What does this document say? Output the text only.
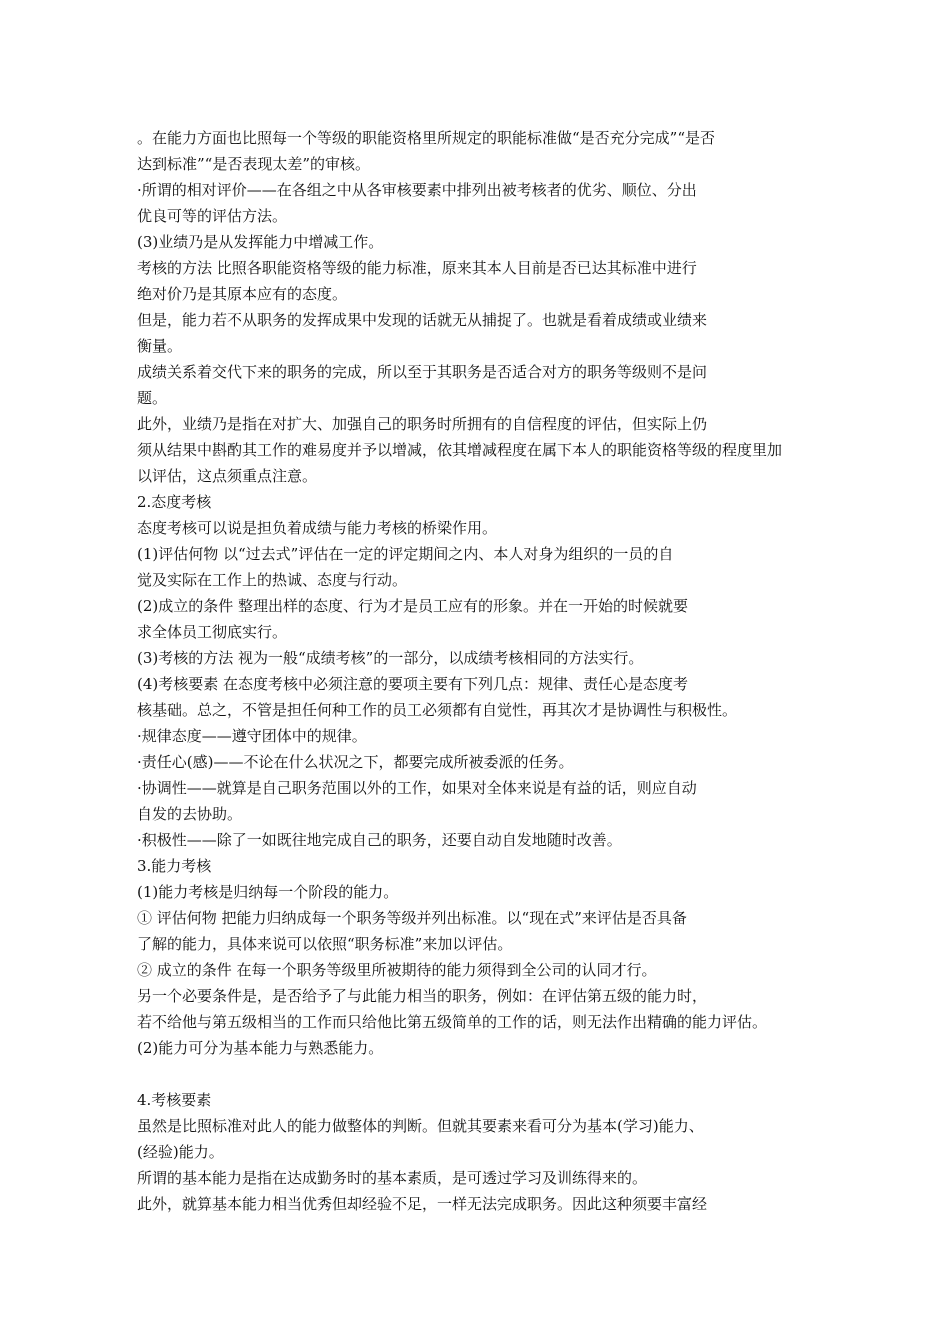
。在能力方面也比照每一个等级的职能资格里所规定的职能标准做“是否充分完成”“是否
达到标准”“是否表现太差”的审核。
·所谓的相对评价——在各组之中从各审核要素中排列出被考核者的优劣、顺位、分出
优良可等的评估方法。
(3)业绩乃是从发挥能力中增减工作。
考核的方法 比照各职能资格等级的能力标准，原来其本人目前是否已达其标准中进行
绝对价乃是其原本应有的态度。
但是，能力若不从职务的发挥成果中发现的话就无从捕捉了。也就是看着成绩或业绩来
衡量。
成绩关系着交代下来的职务的完成，所以至于其职务是否适合对方的职务等级则不是问
题。
此外，业绩乃是指在对扩大、加强自己的职务时所拥有的自信程度的评估，但实际上仍
须从结果中斟酌其工作的难易度并予以增减，依其增减程度在属下本人的职能资格等级的程度里加
以评估，这点须重点注意。
2.态度考核
态度考核可以说是担负着成绩与能力考核的桥梁作用。
(1)评估何物 以“过去式”评估在一定的评定期间之内、本人对身为组织的一员的自
觉及实际在工作上的热诚、态度与行动。
(2)成立的条件 整理出样的态度、行为才是员工应有的形象。并在一开始的时候就要
求全体员工彻底实行。
(3)考核的方法 视为一般“成绩考核”的一部分，以成绩考核相同的方法实行。
(4)考核要素 在态度考核中必须注意的要项主要有下列几点：规律、责任心是态度考
核基础。总之，不管是担任何种工作的员工必须都有自觉性，再其次才是协调性与积极性。
·规律态度——遵守团体中的规律。
·责任心(感)——不论在什么状况之下，都要完成所被委派的任务。
·协调性——就算是自己职务范围以外的工作，如果对全体来说是有益的话，则应自动
自发的去协助。
·积极性——除了一如既往地完成自己的职务，还要自动自发地随时改善。
3.能力考核
(1)能力考核是归纳每一个阶段的能力。
① 评估何物 把能力归纳成每一个职务等级并列出标准。以“现在式”来评估是否具备
了解的能力，具体来说可以依照“职务标准”来加以评估。
② 成立的条件 在每一个职务等级里所被期待的能力须得到全公司的认同才行。
另一个必要条件是，是否给予了与此能力相当的职务，例如：在评估第五级的能力时，
若不给他与第五级相当的工作而只给他比第五级简单的工作的话，则无法作出精确的能力评估。
(2)能力可分为基本能力与熟悉能力。
4.考核要素
虽然是比照标准对此人的能力做整体的判断。但就其要素来看可分为基本(学习)能力、
(经验)能力。
所谓的基本能力是指在达成勤务时的基本素质，是可透过学习及训练得来的。
此外，就算基本能力相当优秀但却经验不足，一样无法完成职务。因此这种须要丰富经
